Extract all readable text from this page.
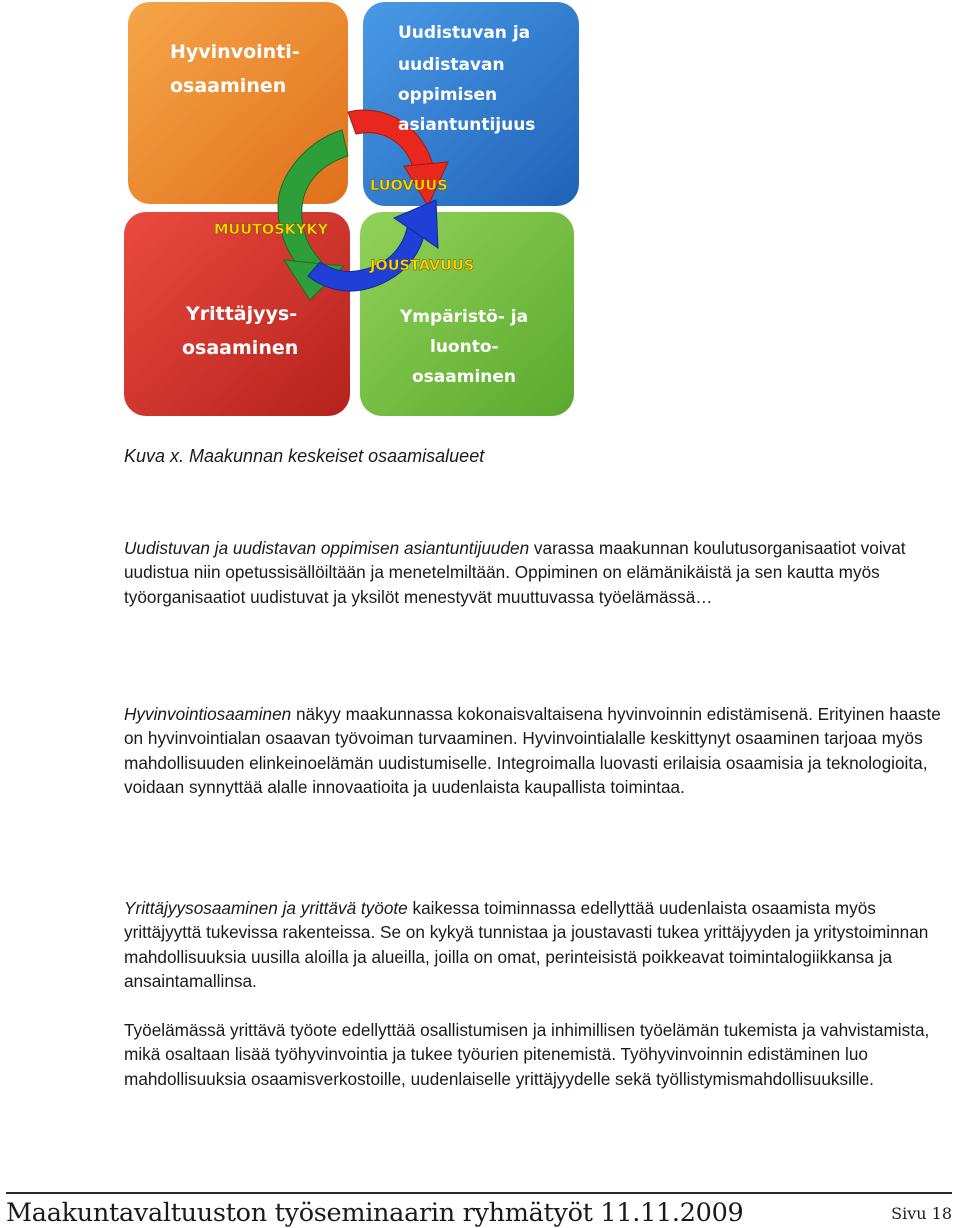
Hyvinvointi-
osaaminen
Uudistuvan ja
uudistavan
oppimisen
asiantuntijuus
Yrittäjyys-
osaaminen
Ympäristö- ja
luonto-
osaaminen
LUOVUUS
MUUTOSKYKY
JOUSTAVUUS
Kuva x. Maakunnan keskeiset osaamisalueet

Uudistuvan ja uudistavan oppimisen asiantuntijuuden varassa maakunnan koulutusorganisaatiot voivat uudistua niin opetussisällöiltään ja menetelmiltään. Oppiminen on elämänikäistä ja sen kautta myös työorganisaatiot uudistuvat ja yksilöt menestyvät muuttuvassa työelämässä…

Hyvinvointiosaaminen näkyy maakunnassa kokonaisvaltaisena hyvinvoinnin edistämisenä. Erityinen haaste on hyvinvointialan osaavan työvoiman turvaaminen. Hyvinvointialalle keskittynyt osaaminen tarjoaa myös mahdollisuuden elinkeinoelämän uudistumiselle. Integroimalla luovasti erilaisia osaamisia ja teknologioita, voidaan synnyttää alalle innovaatioita ja uudenlaista kaupallista toimintaa.

Yrittäjyysosaaminen ja yrittävä työote kaikessa toiminnassa edellyttää uudenlaista osaamista myös yrittäjyyttä tukevissa rakenteissa. Se on kykyä tunnistaa ja joustavasti tukea yrittäjyyden ja yritystoiminnan mahdollisuuksia uusilla aloilla ja alueilla, joilla on omat, perinteisistä poikkeavat toimintalogiikkansa ja ansaintamallinsa.

Työelämässä yrittävä työote edellyttää osallistumisen ja inhimillisen työelämän tukemista ja vahvistamista, mikä osaltaan lisää työhyvinvointia ja tukee työurien pitenemistä. Työhyvinvoinnin edistäminen luo mahdollisuuksia osaamisverkostoille, uudenlaiselle yrittäjyydelle sekä työllistymismahdollisuuksille.

Maakuntavaltuuston työseminaarin ryhmätyöt 11.11.2009	Sivu 18
